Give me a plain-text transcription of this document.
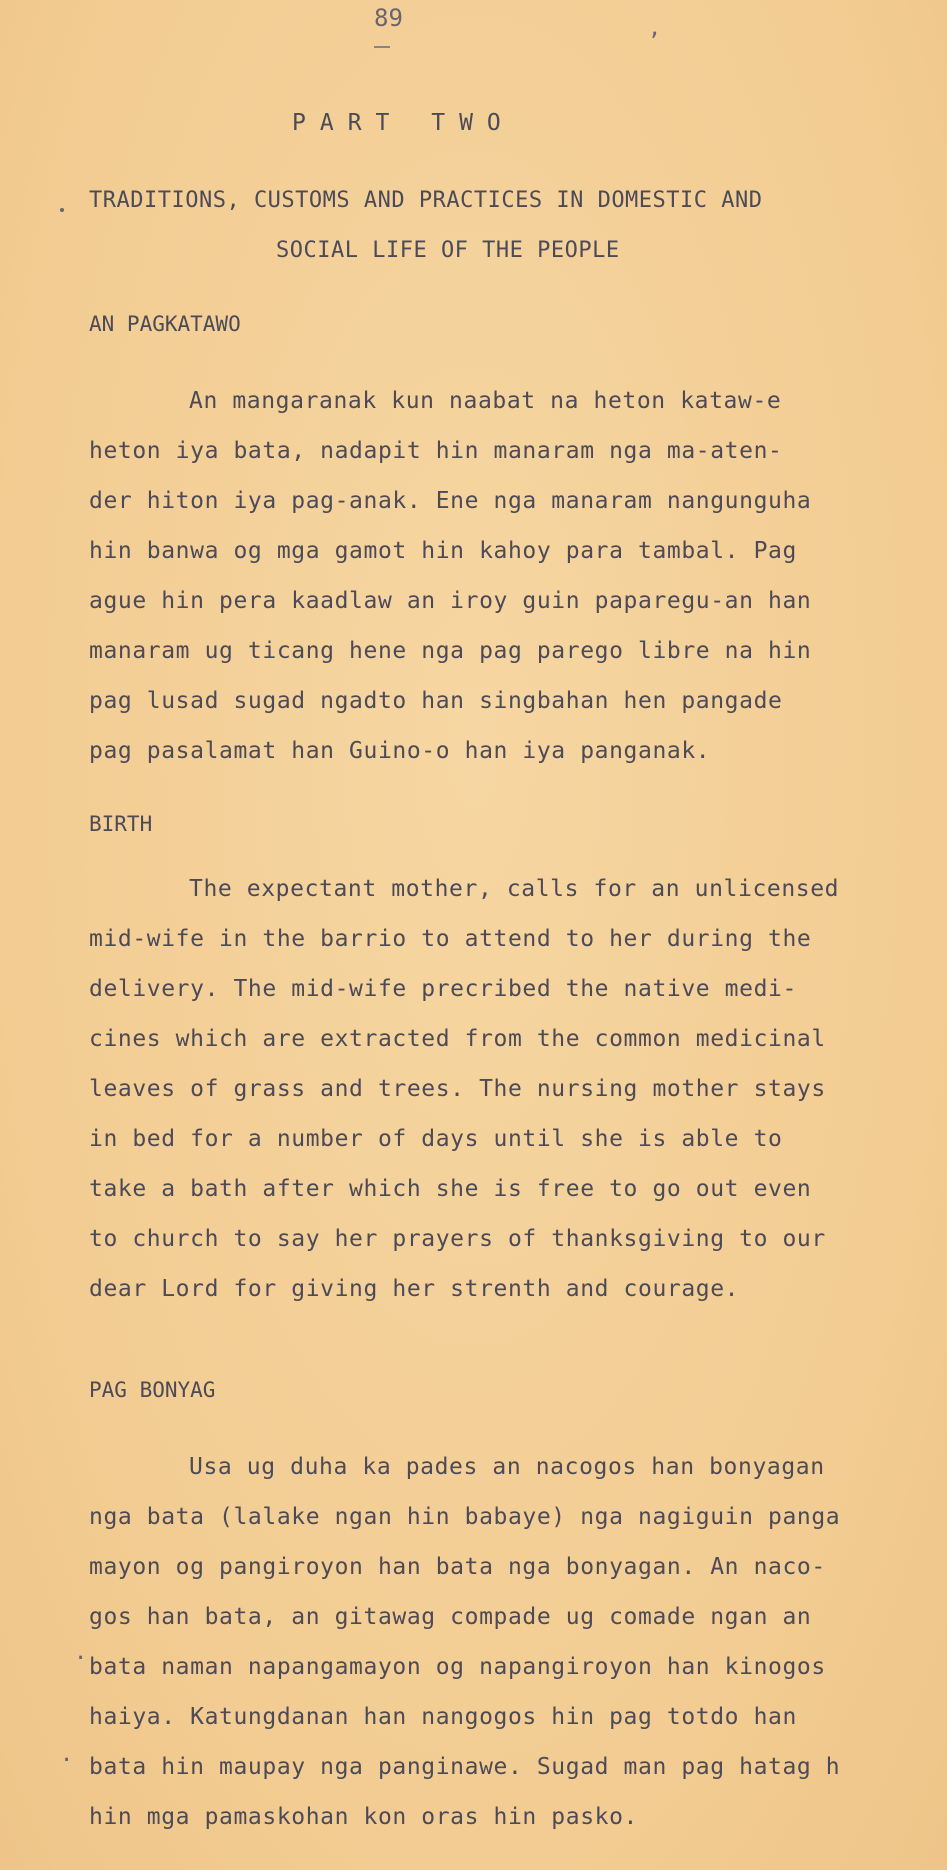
89	,
PART TWO
TRADITIONS, CUSTOMS AND PRACTICES IN DOMESTIC AND
SOCIAL LIFE OF THE PEOPLE
AN PAGKATAWO
An mangaranak kun naabat na heton kataw-e
heton iya bata, nadapit hin manaram nga ma-aten-
der hiton iya pag-anak. Ene nga manaram nangunguha
hin banwa og mga gamot hin kahoy para tambal. Pag
ague hin pera kaadlaw an iroy guin paparegu-an han
manaram ug ticang hene nga pag parego libre na hin
pag lusad sugad ngadto han singbahan hen pangade
pag pasalamat han Guino-o han iya panganak.
BIRTH
The expectant mother, calls for an unlicensed
mid-wife in the barrio to attend to her during the
delivery. The mid-wife precribed the native medi-
cines which are extracted from the common medicinal
leaves of grass and trees. The nursing mother stays
in bed for a number of days until she is able to
take a bath after which she is free to go out even
to church to say her prayers of thanksgiving to our
dear Lord for giving her strenth and courage.
PAG BONYAG
Usa ug duha ka pades an nacogos han bonyagan
nga bata (lalake ngan hin babaye) nga nagiguin panga
mayon og pangiroyon han bata nga bonyagan. An naco-
gos han bata, an gitawag compade ug comade ngan an
bata naman napangamayon og napangiroyon han kinogos
haiya. Katungdanan han nangogos hin pag totdo han
bata hin maupay nga panginawe. Sugad man pag hatag h
hin mga pamaskohan kon oras hin pasko.
.
.
